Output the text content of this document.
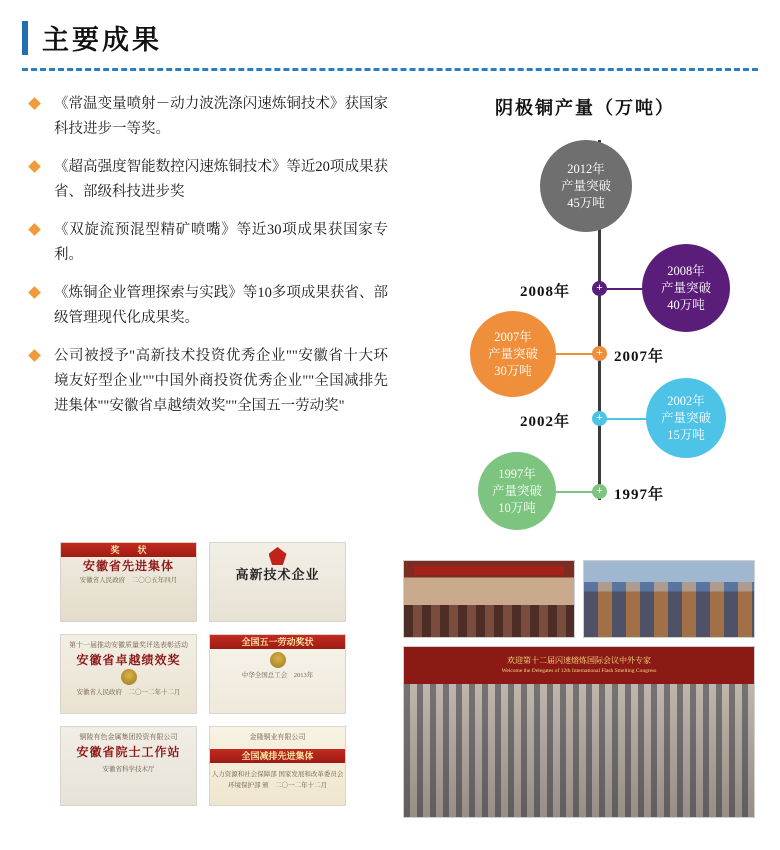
主要成果
《常温变量喷射－动力波洗涤闪速炼铜技术》获国家科技进步一等奖。
《超高强度智能数控闪速炼铜技术》等近20项成果获省、部级科技进步奖
《双旋流预混型精矿喷嘴》等近30项成果获国家专利。
《炼铜企业管理探索与实践》等10多项成果获省、部级管理现代化成果奖。
公司被授予"高新技术投资优秀企业""安徽省十大环境友好型企业""中国外商投资优秀企业""全国减排先进集体""安徽省卓越绩效奖""全国五一劳动奖"
阴极铜产量（万吨）
2012年
产量突破
45万吨
+
2008年
2008年
产量突破
40万吨
+ 2007年
2007年
产量突破
30万吨
+
2002年
2002年
产量突破
15万吨
+ 1997年
1997年
产量突破
10万吨
奖　　状
安徽省先进集体
安徽省人民政府　二〇〇五年四月	高新技术企业
第十一届推动安徽质量奖评选表彰活动
安徽省卓越绩效奖
安徽省人民政府　二〇一二年十二月
全国五一劳动奖状
中华全国总工会　2013年
铜陵有色金属集团投资有限公司
安徽省院士工作站
安徽省科学技术厅
金隆铜业有限公司
全国减排先进集体
人力资源和社会保障部 国家发展和改革委员会 环境保护部 颁　二〇一二年十二月
欢迎第十二届闪速熔炼国际会议中外专家
Welcome the Delegates of 12th International Flash Smelting Congress
